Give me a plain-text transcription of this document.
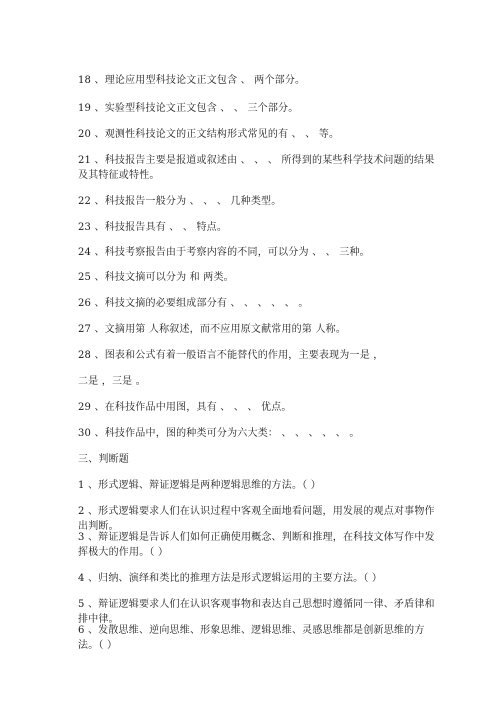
18 、理论应用型科技论文正文包含 、 两个部分。
19 、实验型科技论文正文包含 、 、 三个部分。
20 、观测性科技论文的正文结构形式常见的有 、 、 等。
21 、科技报告主要是报道或叙述由 、 、 、 所得到的某些科学技术问题的结果及其特征或特性。
22 、科技报告一般分为 、 、 、 几种类型。
23 、科技报告具有 、 、 特点。
24 、科技考察报告由于考察内容的不同，可以分为 、 、 三种。
25 、科技文摘可以分为 和 两类。
26 、科技文摘的必要组成部分有 、 、 、 、 、 。
27 、文摘用第 人称叙述，而不应用原文献常用的第 人称。
28 、图表和公式有着一般语言不能替代的作用，主要表现为一是 ，
二是 ，三是 。
29 、在科技作品中用图，具有 、 、 、 优点。
30 、科技作品中，图的种类可分为六大类： 、 、 、 、 、 。
三、判断题
1 、形式逻辑、辩证逻辑是两种逻辑思维的方法。（ ）
2 、形式逻辑要求人们在认识过程中客观全面地看问题，用发展的观点对事物作出判断。
3 、辩证逻辑是告诉人们如何正确使用概念、判断和推理，在科技文体写作中发挥极大的作用。（ ）
4 、归纳、演绎和类比的推理方法是形式逻辑运用的主要方法。（ ）
5 、辩证逻辑要求人们在认识客观事物和表达自己思想时遵循同一律、矛盾律和排中律。
6 、发散思维、逆向思维、形象思维、逻辑思维、灵感思维都是创新思维的方法。（ ）
